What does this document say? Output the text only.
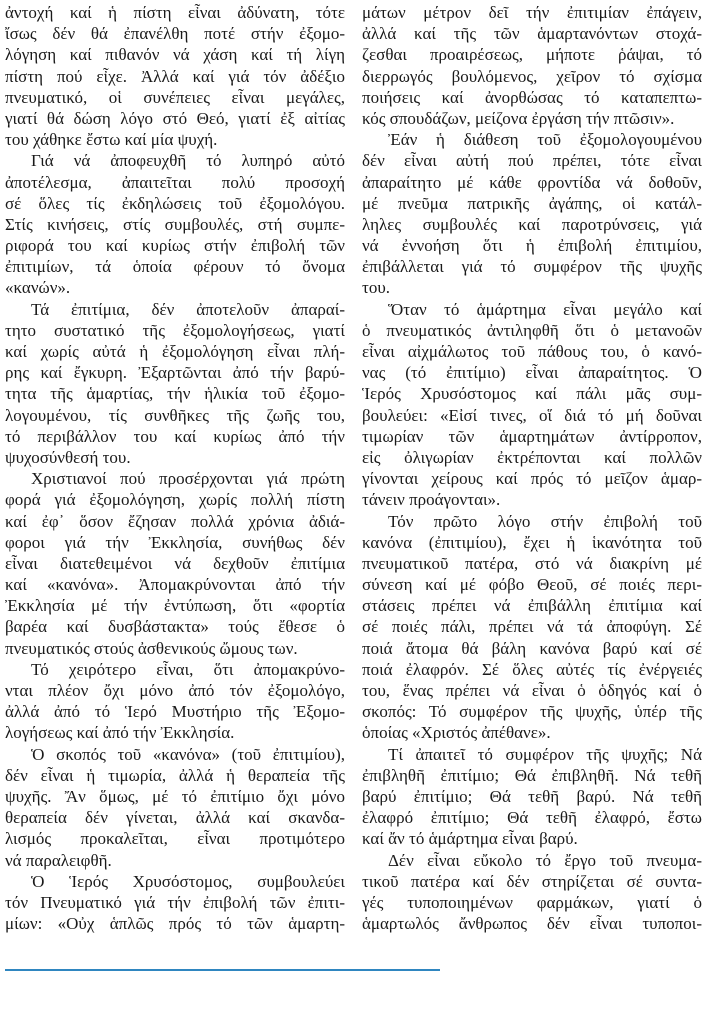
ἀντοχή καί ἡ πίστη εἶναι ἀδύνατη, τότε
ἴσως δέν θά ἐπανέλθη ποτέ στήν ἐξομο-
λόγηση καί πιθανόν νά χάση καί τή λίγη
πίστη πού εἶχε. Ἀλλά καί γιά τόν ἀδέξιο
πνευματικό, οἱ συνέπειες εἶναι μεγάλες,
γιατί θά δώση λόγο στό Θεό, γιατί ἐξ αἰτίας
του χάθηκε ἔστω καί μία ψυχή.
Γιά νά ἀποφευχθῆ τό λυπηρό αὐτό
ἀποτέλεσμα, ἀπαιτεῖται πολύ προσοχή
σέ ὅλες τίς ἐκδηλώσεις τοῦ ἐξομολόγου.
Στίς κινήσεις, στίς συμβουλές, στή συμπε-
ριφορά του καί κυρίως στήν ἐπιβολή τῶν
ἐπιτιμίων, τά ὁποία φέρουν τό ὄνομα
«κανών».
Τά ἐπιτίμια, δέν ἀποτελοῦν ἀπαραί-
τητο συστατικό τῆς ἐξομολογήσεως, γιατί
καί χωρίς αὐτά ἡ ἐξομολόγηση εἶναι πλή-
ρης καί ἔγκυρη. Ἐξαρτῶνται ἀπό τήν βαρύ-
τητα τῆς ἁμαρτίας, τήν ἡλικία τοῦ ἐξομο-
λογουμένου, τίς συνθῆκες τῆς ζωῆς του,
τό περιβάλλον του καί κυρίως ἀπό τήν
ψυχοσύνθεσή του.
Χριστιανοί πού προσέρχονται γιά πρώτη
φορά γιά ἐξομολόγηση, χωρίς πολλή πίστη
καί ἐφ᾽ ὅσον ἔζησαν πολλά χρόνια ἀδιά-
φοροι γιά τήν Ἐκκλησία, συνήθως δέν
εἶναι διατεθειμένοι νά δεχθοῦν ἐπιτίμια
καί «κανόνα». Ἀπομακρύνονται ἀπό τήν
Ἐκκλησία μέ τήν ἐντύπωση, ὅτι «φορτία
βαρέα καί δυσβάστακτα» τούς ἔθεσε ὁ
πνευματικός στούς ἀσθενικούς ὤμους των.
Τό χειρότερο εἶναι, ὅτι ἀπομακρύνο-
νται πλέον ὄχι μόνο ἀπό τόν ἐξομολόγο,
ἀλλά ἀπό τό Ἱερό Μυστήριο τῆς Ἐξομο-
λογήσεως καί ἀπό τήν Ἐκκλησία.
Ὁ σκοπός τοῦ «κανόνα» (τοῦ ἐπιτιμίου),
δέν εἶναι ἡ τιμωρία, ἀλλά ἡ θεραπεία τῆς
ψυχῆς. Ἄν ὅμως, μέ τό ἐπιτίμιο ὄχι μόνο
θεραπεία δέν γίνεται, ἀλλά καί σκανδα-
λισμός προκαλεῖται, εἶναι προτιμότερο
νά παραλειφθῆ.
Ὁ Ἱερός Χρυσόστομος, συμβουλεύει
τόν Πνευματικό γιά τήν ἐπιβολή τῶν ἐπιτι-
μίων: «Οὐχ ἁπλῶς πρός τό τῶν ἁμαρτη-
μάτων μέτρον δεῖ τήν ἐπιτιμίαν ἐπάγειν,
ἀλλά καί τῆς τῶν ἁμαρτανόντων στοχά-
ζεσθαι προαιρέσεως, μήποτε ῥάψαι, τό
διερρωγός βουλόμενος, χεῖρον τό σχίσμα
ποιήσεις καί ἀνορθώσας τό καταπεπτω-
κός σπουδάζων, μείζονα ἐργάση τήν πτῶσιν».
Ἐάν ἡ διάθεση τοῦ ἐξομολογουμένου
δέν εἶναι αὐτή πού πρέπει, τότε εἶναι
ἀπαραίτητο μέ κάθε φροντίδα νά δοθοῦν,
μέ πνεῦμα πατρικῆς ἀγάπης, οἱ κατάλ-
ληλες συμβουλές καί παροτρύνσεις, γιά
νά ἐννοήση ὅτι ἡ ἐπιβολή ἐπιτιμίου,
ἐπιβάλλεται γιά τό συμφέρον τῆς ψυχῆς
του.
Ὅταν τό ἁμάρτημα εἶναι μεγάλο καί
ὁ πνευματικός ἀντιληφθῆ ὅτι ὁ μετανοῶν
εἶναι αἰχμάλωτος τοῦ πάθους του, ὁ κανό-
νας (τό ἐπιτίμιο) εἶναι ἀπαραίτητος. Ὁ
Ἱερός Χρυσόστομος καί πάλι μᾶς συμ-
βουλεύει: «Εἰσί τινες, οἵ διά τό μή δοῦναι
τιμωρίαν τῶν ἁμαρτημάτων ἀντίρροπον,
εἰς ὀλιγωρίαν ἐκτρέπονται καί πολλῶν
γίνονται χείρους καί πρός τό μεῖζον ἁμαρ-
τάνειν προάγονται».
Τόν πρῶτο λόγο στήν ἐπιβολή τοῦ
κανόνα (ἐπιτιμίου), ἔχει ἡ ἱκανότητα τοῦ
πνευματικοῦ πατέρα, στό νά διακρίνη μέ
σύνεση καί μέ φόβο Θεοῦ, σέ ποιές περι-
στάσεις πρέπει νά ἐπιβάλλη ἐπιτίμια καί
σέ ποιές πάλι, πρέπει νά τά ἀποφύγη. Σέ
ποιά ἄτομα θά βάλη κανόνα βαρύ καί σέ
ποιά ἐλαφρόν. Σέ ὅλες αὐτές τίς ἐνέργειές
του, ἕνας πρέπει νά εἶναι ὁ ὁδηγός καί ὁ
σκοπός: Τό συμφέρον τῆς ψυχῆς, ὑπέρ τῆς
ὁποίας «Χριστός ἀπέθανε».
Τί ἀπαιτεῖ τό συμφέρον τῆς ψυχῆς; Νά
ἐπιβληθῆ ἐπιτίμιο; Θά ἐπιβληθῆ. Νά τεθῆ
βαρύ ἐπιτίμιο; Θά τεθῆ βαρύ. Νά τεθῆ
ἐλαφρό ἐπιτίμιο; Θά τεθῆ ἐλαφρό, ἔστω
καί ἄν τό ἁμάρτημα εἶναι βαρύ.
Δέν εἶναι εὔκολο τό ἔργο τοῦ πνευμα-
τικοῦ πατέρα καί δέν στηρίζεται σέ συντα-
γές τυποποιημένων φαρμάκων, γιατί ὁ
ἁμαρτωλός ἄνθρωπος δέν εἶναι τυποποι-
